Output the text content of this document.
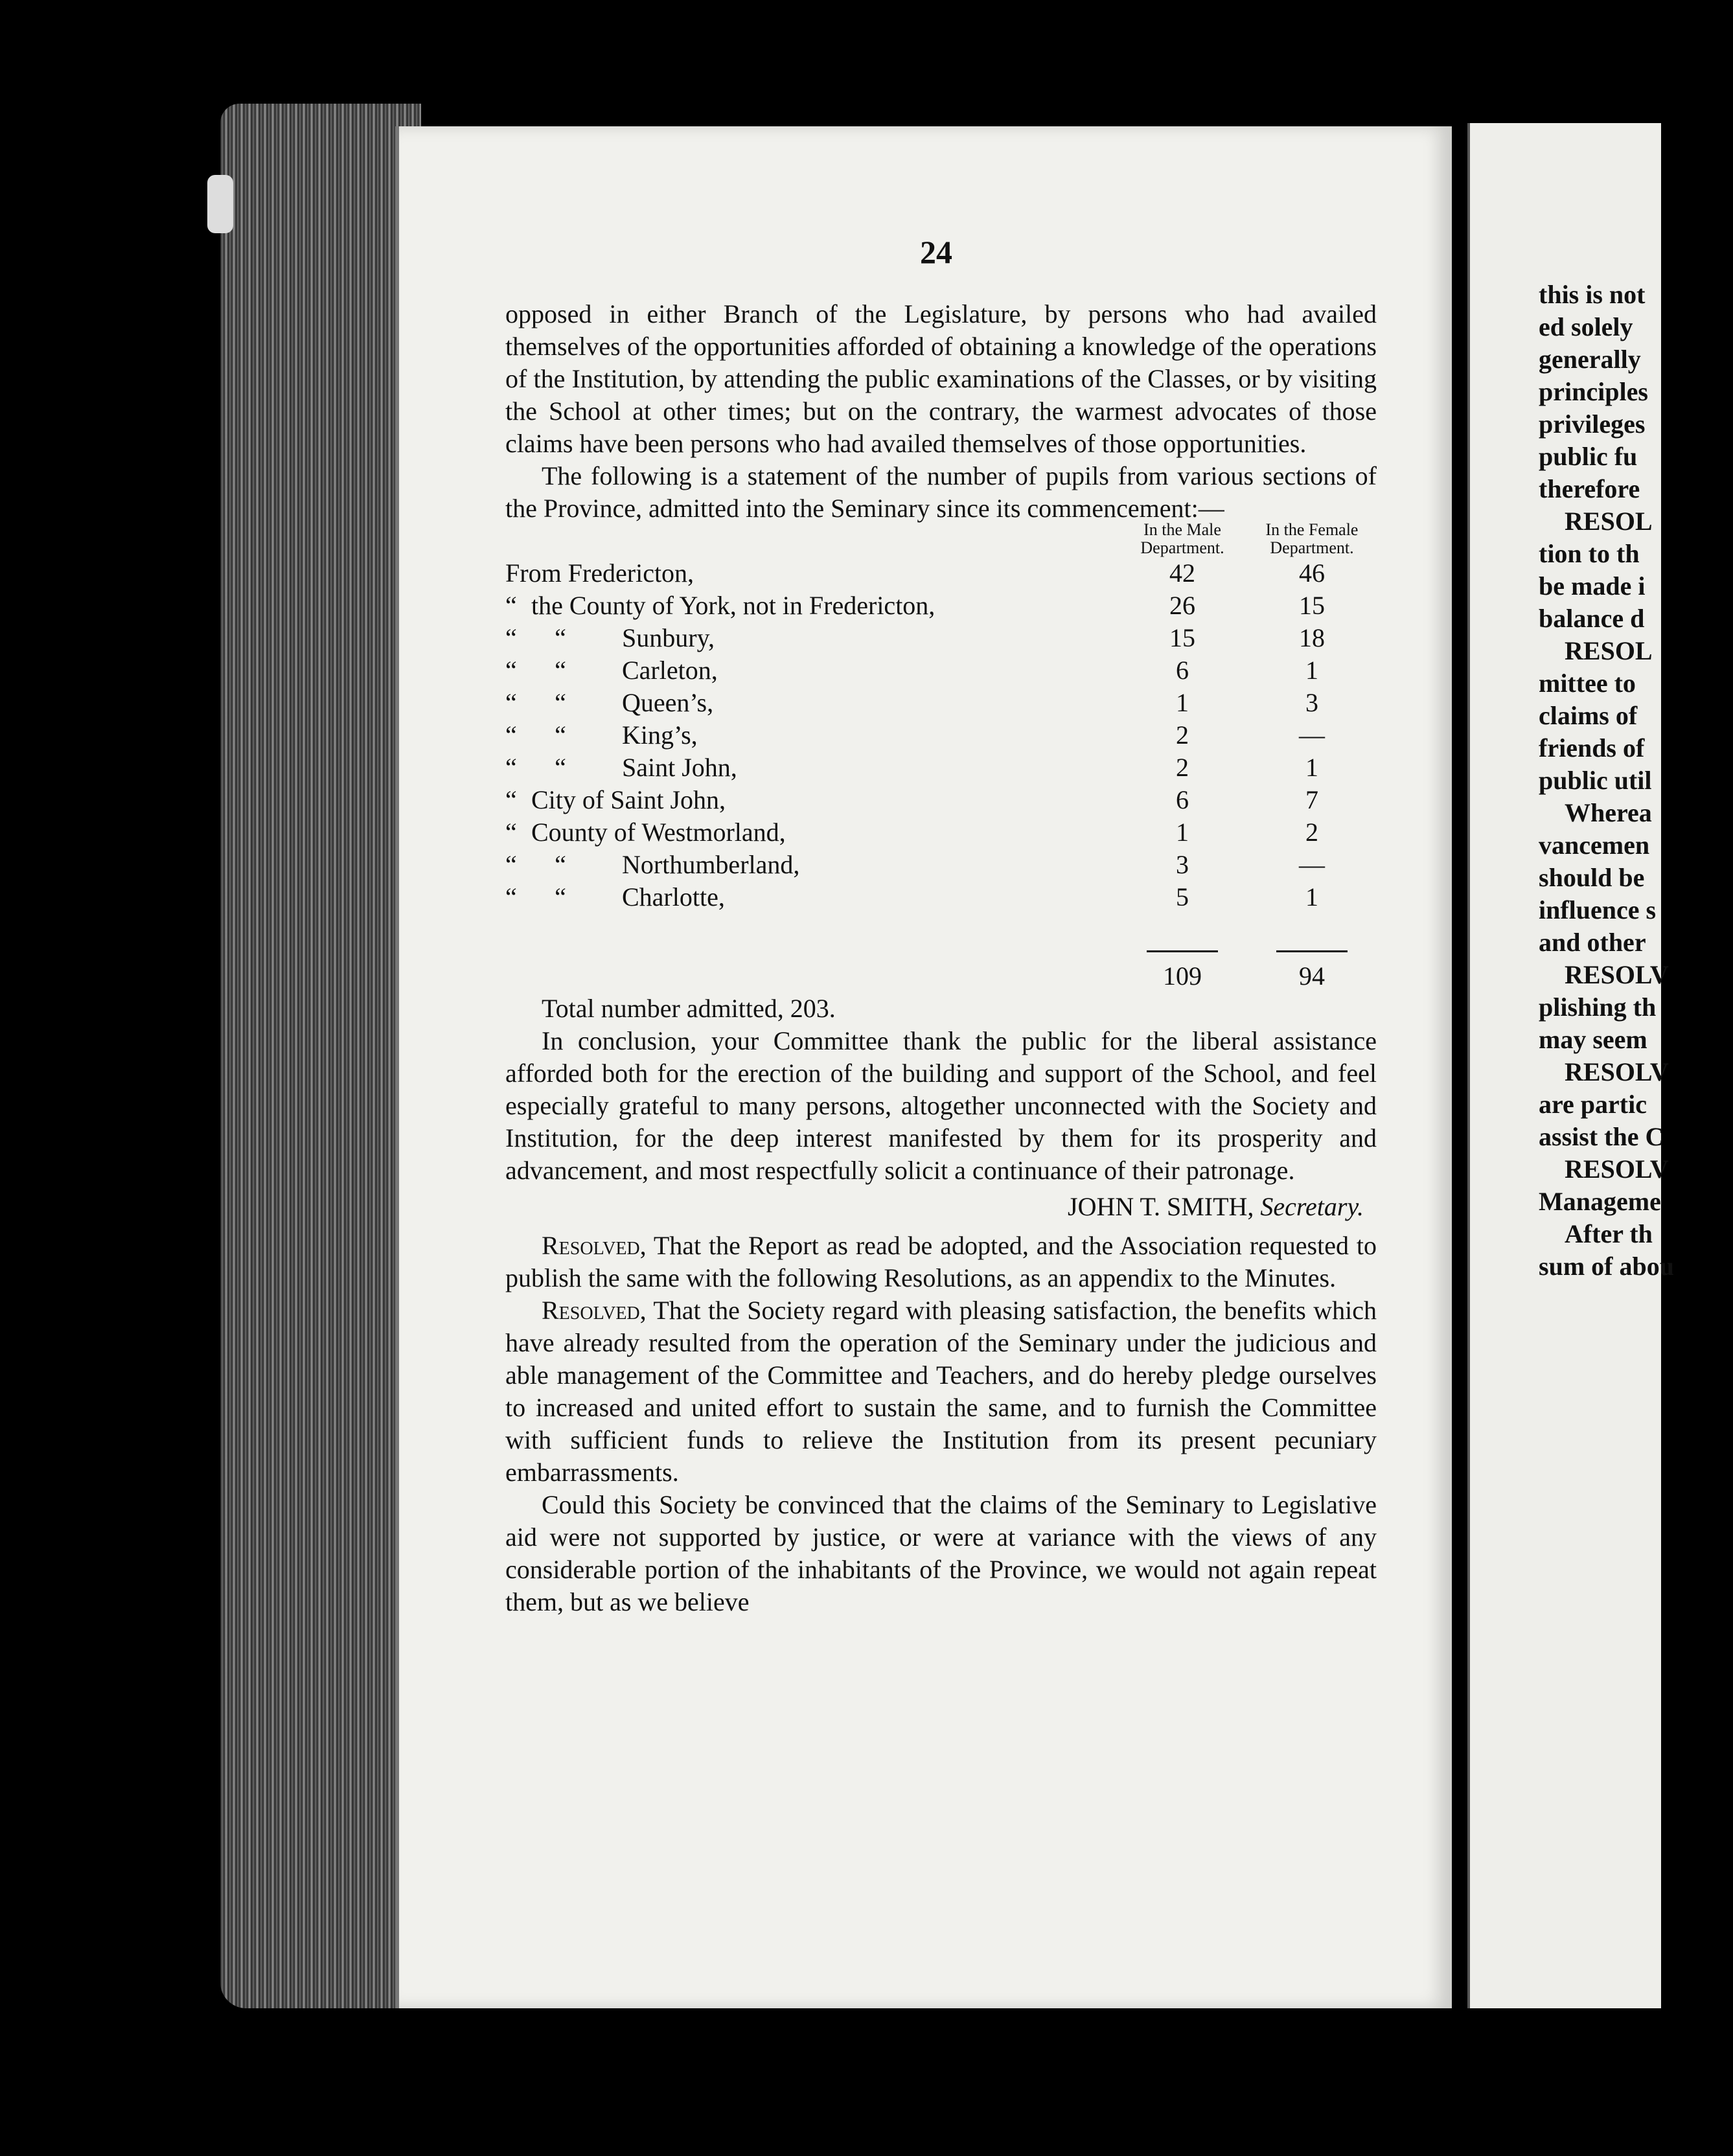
24

opposed in either Branch of the Legislature, by persons who had availed themselves of the opportunities afforded of obtaining a knowledge of the operations of the Institution, by attending the public examinations of the Classes, or by visiting the School at other times; but on the contrary, the warmest advocates of those claims have been persons who had availed themselves of those opportunities.

The following is a statement of the number of pupils from various sections of the Province, admitted into the Seminary since its commencement:—

				In the Male Department.	In the Female Department.
From Fredericton,				42	46
“	the County of York, not in Fredericton,			26	15
“	“	Sunbury,		15	18
“	“	Carleton,		6	1
“	“	Queen’s,		1	3
“	“	King’s,		2	—
“	“	Saint John,		2	1
“	City of Saint John,			6	7
“	County of Westmorland,			1	2
“	“	Northumberland,		3	—
“	“	Charlotte,		5	1

				109	94

Total number admitted, 203.

In conclusion, your Committee thank the public for the liberal assistance afforded both for the erection of the building and support of the School, and feel especially grateful to many persons, altogether unconnected with the Society and Institution, for the deep interest manifested by them for its prosperity and advancement, and most respectfully solicit a continuance of their patronage.

JOHN T. SMITH, Secretary.

Resolved, That the Report as read be adopted, and the Association requested to publish the same with the following Resolutions, as an appendix to the Minutes.

Resolved, That the Society regard with pleasing satisfaction, the benefits which have already resulted from the operation of the Seminary under the judicious and able management of the Committee and Teachers, and do hereby pledge ourselves to increased and united effort to sustain the same, and to furnish the Committee with sufficient funds to relieve the Institution from its present pecuniary embarrassments.

Could this Society be convinced that the claims of the Seminary to Legislative aid were not supported by justice, or were at variance with the views of any considerable portion of the inhabitants of the Province, we would not again repeat them, but as we believe

this is not
ed solely
generally
principles
privileges
public fu
therefore
RESOL
tion to th
be made i
balance d
RESOL
mittee to
claims of
friends of
public util
Wherea
vancemen
should be
influence s
and other
RESOLV
plishing th
may seem
RESOLV
are partic
assist the C
RESOLV
Manageme
After th
sum of abou
